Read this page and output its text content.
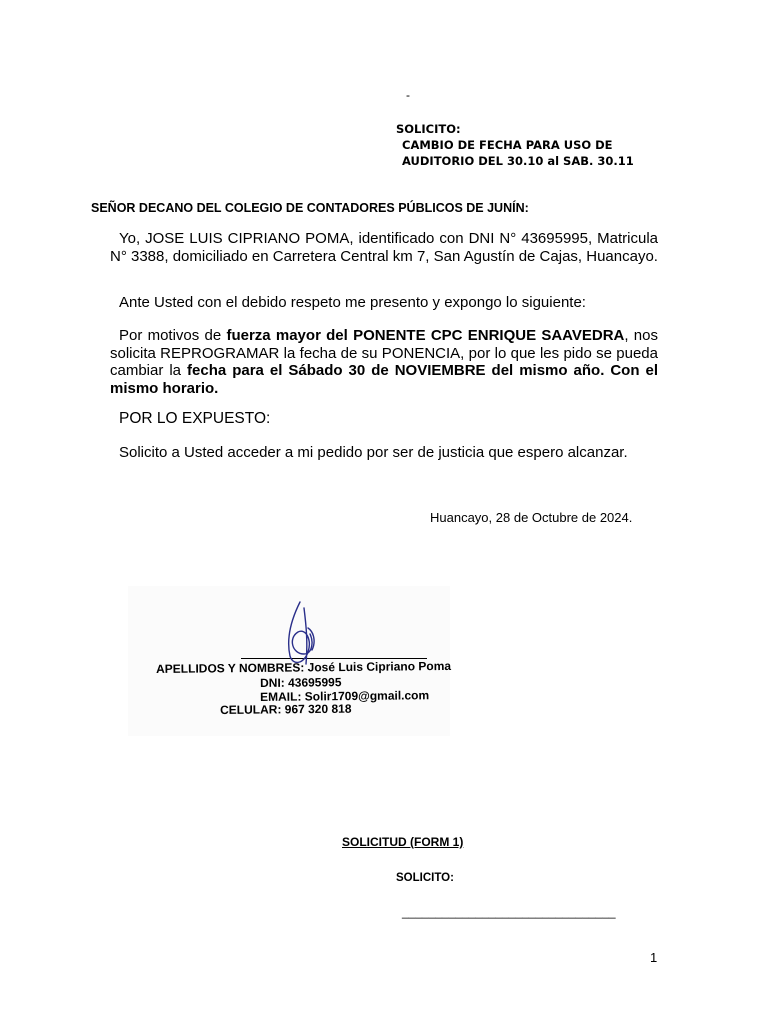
-
SOLICITO:
CAMBIO DE FECHA PARA USO DE
AUDITORIO DEL 30.10 al SAB. 30.11
SEÑOR DECANO DEL COLEGIO DE CONTADORES PÚBLICOS DE JUNÍN:

Yo, JOSE LUIS CIPRIANO POMA, identificado con DNI N° 43695995, Matricula N° 3388, domiciliado en Carretera Central km 7, San Agustín de Cajas, Huancayo.

Ante Usted con el debido respeto me presento y expongo lo siguiente:

Por motivos de fuerza mayor del PONENTE CPC ENRIQUE SAAVEDRA, nos solicita REPROGRAMAR la fecha de su PONENCIA, por lo que les pido se pueda cambiar la fecha para el Sábado 30 de NOVIEMBRE del mismo año. Con el mismo horario.

POR LO EXPUESTO:

Solicito a Usted acceder a mi pedido por ser de justicia que espero alcanzar.

Huancayo, 28 de Octubre de 2024.
APELLIDOS Y NOMBRES: José Luis Cipriano Poma
DNI: 43695995
EMAIL: Solir1709@gmail.com
CELULAR: 967 320 818
SOLICITUD (FORM 1)
SOLICITO:
________________________________
1
